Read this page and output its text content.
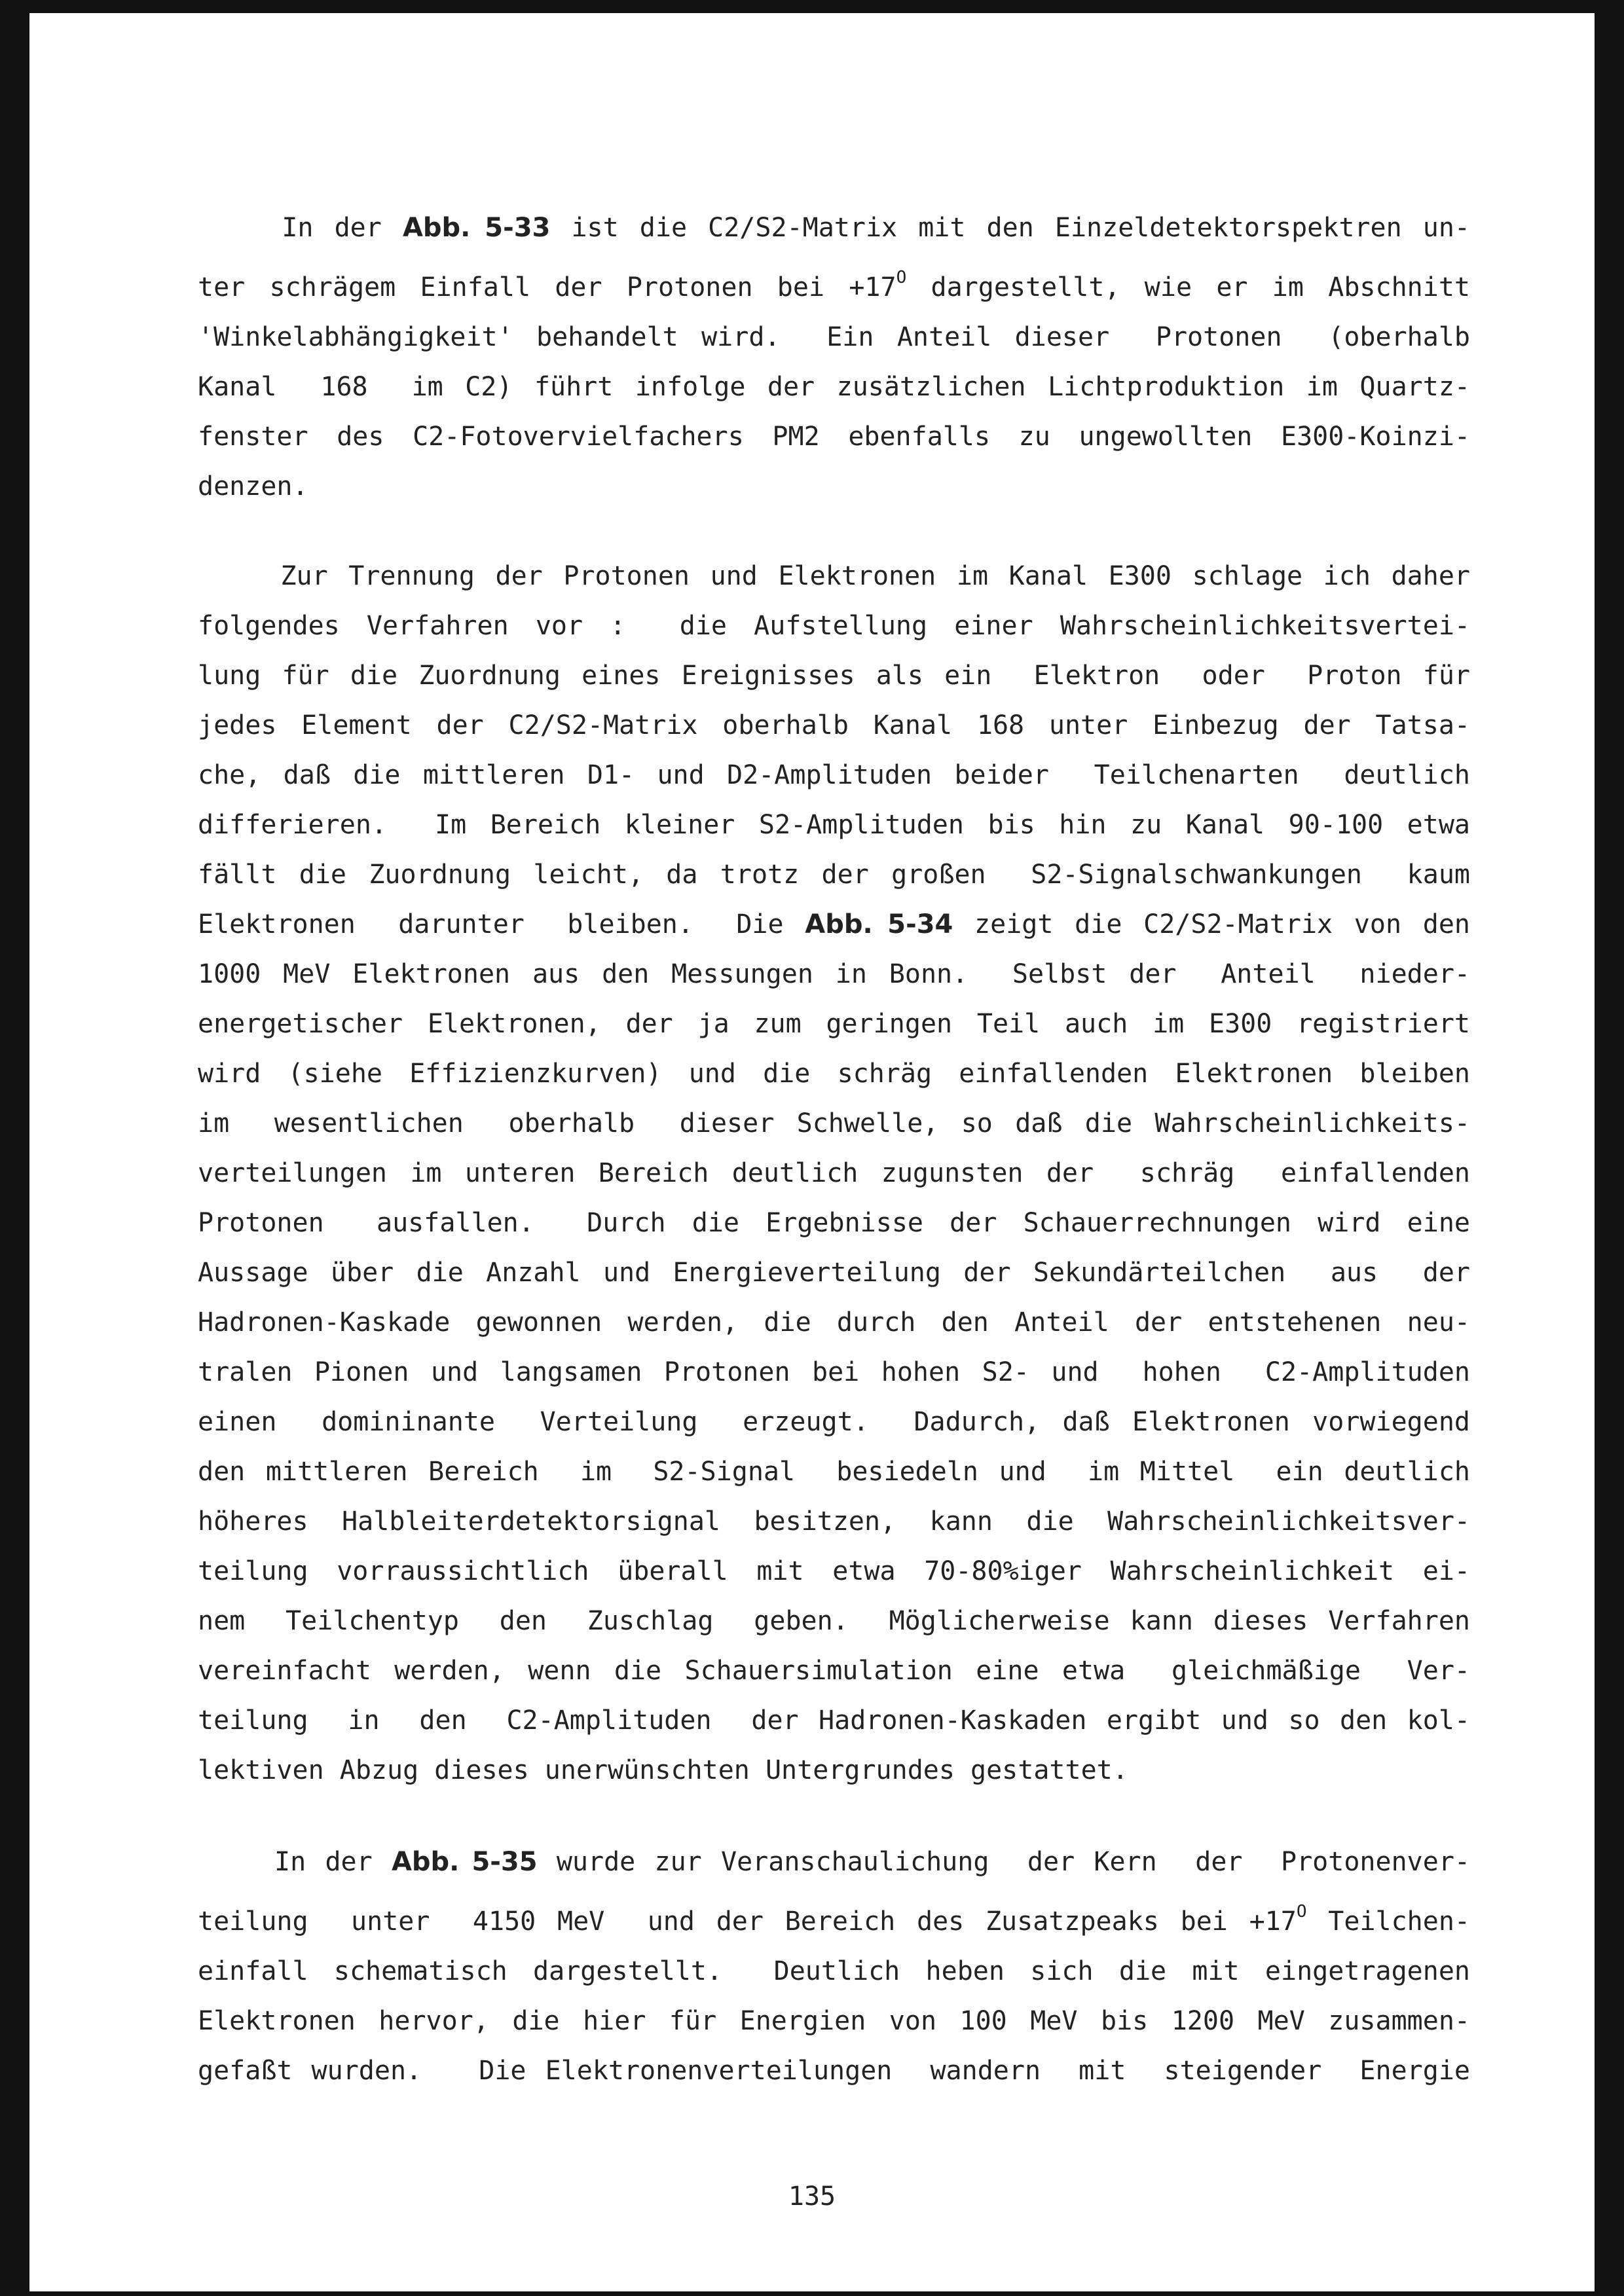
In der Abb. 5-33 ist die C2/S2-Matrix mit den Einzeldetektorspektren un-
ter schrägem Einfall der Protonen bei $+17^O$ dargestellt, wie er im Abschnitt
'Winkelabhängigkeit' behandelt wird.  Ein Anteil dieser  Protonen  (oberhalb
Kanal  168  im C2) führt infolge der zusätzlichen Lichtproduktion im Quartz-
fenster des C2-Fotovervielfachers PM2 ebenfalls zu ungewollten E300-Koinzi-
denzen.
Zur Trennung der Protonen und Elektronen im Kanal E300 schlage ich daher
folgendes Verfahren vor :  die Aufstellung einer Wahrscheinlichkeitsvertei-
lung für die Zuordnung eines Ereignisses als ein  Elektron  oder  Proton für
jedes Element der C2/S2-Matrix oberhalb Kanal 168 unter Einbezug der Tatsa-
che, daß die mittleren D1- und D2-Amplituden beider  Teilchenarten  deutlich
differieren.  Im Bereich kleiner S2-Amplituden bis hin zu Kanal 90-100 etwa
fällt die Zuordnung leicht, da trotz der großen  S2-Signalschwankungen  kaum
Elektronen  darunter  bleiben.  Die Abb. 5-34 zeigt die C2/S2-Matrix von den
1000 MeV Elektronen aus den Messungen in Bonn.  Selbst der  Anteil  nieder-
energetischer Elektronen, der ja zum geringen Teil auch im E300 registriert
wird (siehe Effizienzkurven) und die schräg einfallenden Elektronen bleiben
im  wesentlichen  oberhalb  dieser Schwelle, so daß die Wahrscheinlichkeits-
verteilungen im unteren Bereich deutlich zugunsten der  schräg  einfallenden
Protonen  ausfallen.  Durch die Ergebnisse der Schauerrechnungen wird eine
Aussage über die Anzahl und Energieverteilung der Sekundärteilchen  aus  der
Hadronen-Kaskade gewonnen werden, die durch den Anteil der entstehenen neu-
tralen Pionen und langsamen Protonen bei hohen S2- und  hohen  C2-Amplituden
einen  domininante  Verteilung  erzeugt.  Dadurch, daß Elektronen vorwiegend
den mittleren Bereich  im  S2-Signal  besiedeln und  im Mittel  ein deutlich
höheres Halbleiterdetektorsignal besitzen, kann die Wahrscheinlichkeitsver-
teilung vorraussichtlich überall mit etwa 70-80%iger Wahrscheinlichkeit ei-
nem  Teilchentyp  den  Zuschlag  geben.  Möglicherweise kann dieses Verfahren
vereinfacht werden, wenn die Schauersimulation eine etwa  gleichmäßige  Ver-
teilung  in  den  C2-Amplituden  der Hadronen-Kaskaden ergibt und so den kol-
lektiven Abzug dieses unerwünschten Untergrundes gestattet.
In der Abb. 5-35 wurde zur Veranschaulichung  der Kern  der  Protonenver-
teilung  unter  4150 MeV  und der Bereich des Zusatzpeaks bei $+17^O$ Teilchen-
einfall schematisch dargestellt.  Deutlich heben sich die mit eingetragenen
Elektronen hervor, die hier für Energien von 100 MeV bis 1200 MeV zusammen-
gefaßt wurden.   Die Elektronenverteilungen  wandern  mit  steigender  Energie
135
